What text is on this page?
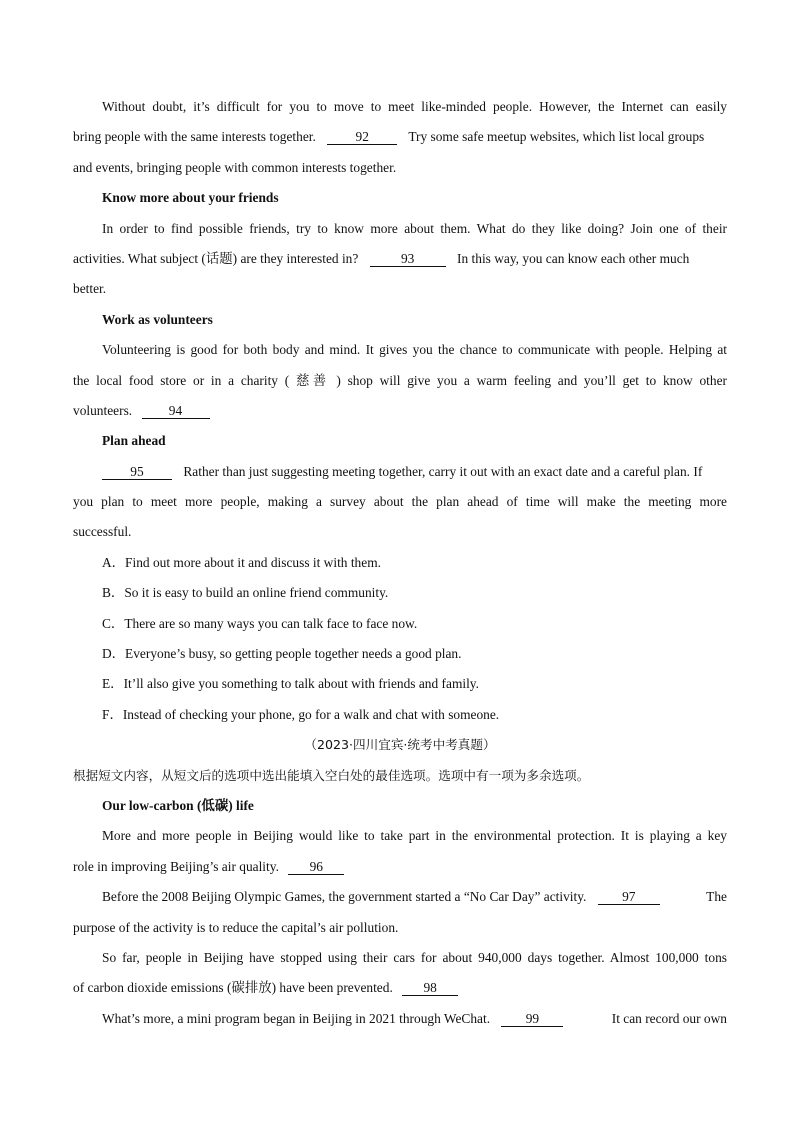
Without doubt, it’s difficult for you to move to meet like-minded people. However, the Internet can easily
bring people with the same interests together.	92	Try some safe meetup websites, which list local groups
and events, bringing people with common interests together.
Know more about your friends
In order to find possible friends, try to know more about them. What do they like doing? Join one of their
activities. What subject (话题) are they interested in?	93	In this way, you can know each other much
better.
Work as volunteers
Volunteering is good for both body and mind. It gives you the chance to communicate with people. Helping at
the local food store or in a charity ( 慈善 ) shop will give you a warm feeling and you’ll get to know other
volunteers.	94
Plan ahead
95	Rather than just suggesting meeting together, carry it out with an exact date and a careful plan. If
you plan to meet more people, making a survey about the plan ahead of time will make the meeting more
successful.
A．Find out more about it and discuss it with them.
B．So it is easy to build an online friend community.
C．There are so many ways you can talk face to face now.
D．Everyone’s busy, so getting people together needs a good plan.
E．It’ll also give you something to talk about with friends and family.
F．Instead of checking your phone, go for a walk and chat with someone.
（2023·四川宜宾·统考中考真题）
根据短文内容，从短文后的选项中选出能填入空白处的最佳选项。选项中有一项为多余选项。
Our low-carbon (低碳) life
More and more people in Beijing would like to take part in the environmental protection. It is playing a key
role in improving Beijing’s air quality. 96
Before the 2008 Beijing Olympic Games, the government started a “No Car Day” activity.	97	The
purpose of the activity is to reduce the capital’s air pollution.
So far, people in Beijing have stopped using their cars for about 940,000 days together. Almost 100,000 tons
of carbon dioxide emissions (碳排放) have been prevented. 98
What’s more, a mini program began in Beijing in 2021 through WeChat.	99	It can record our own
